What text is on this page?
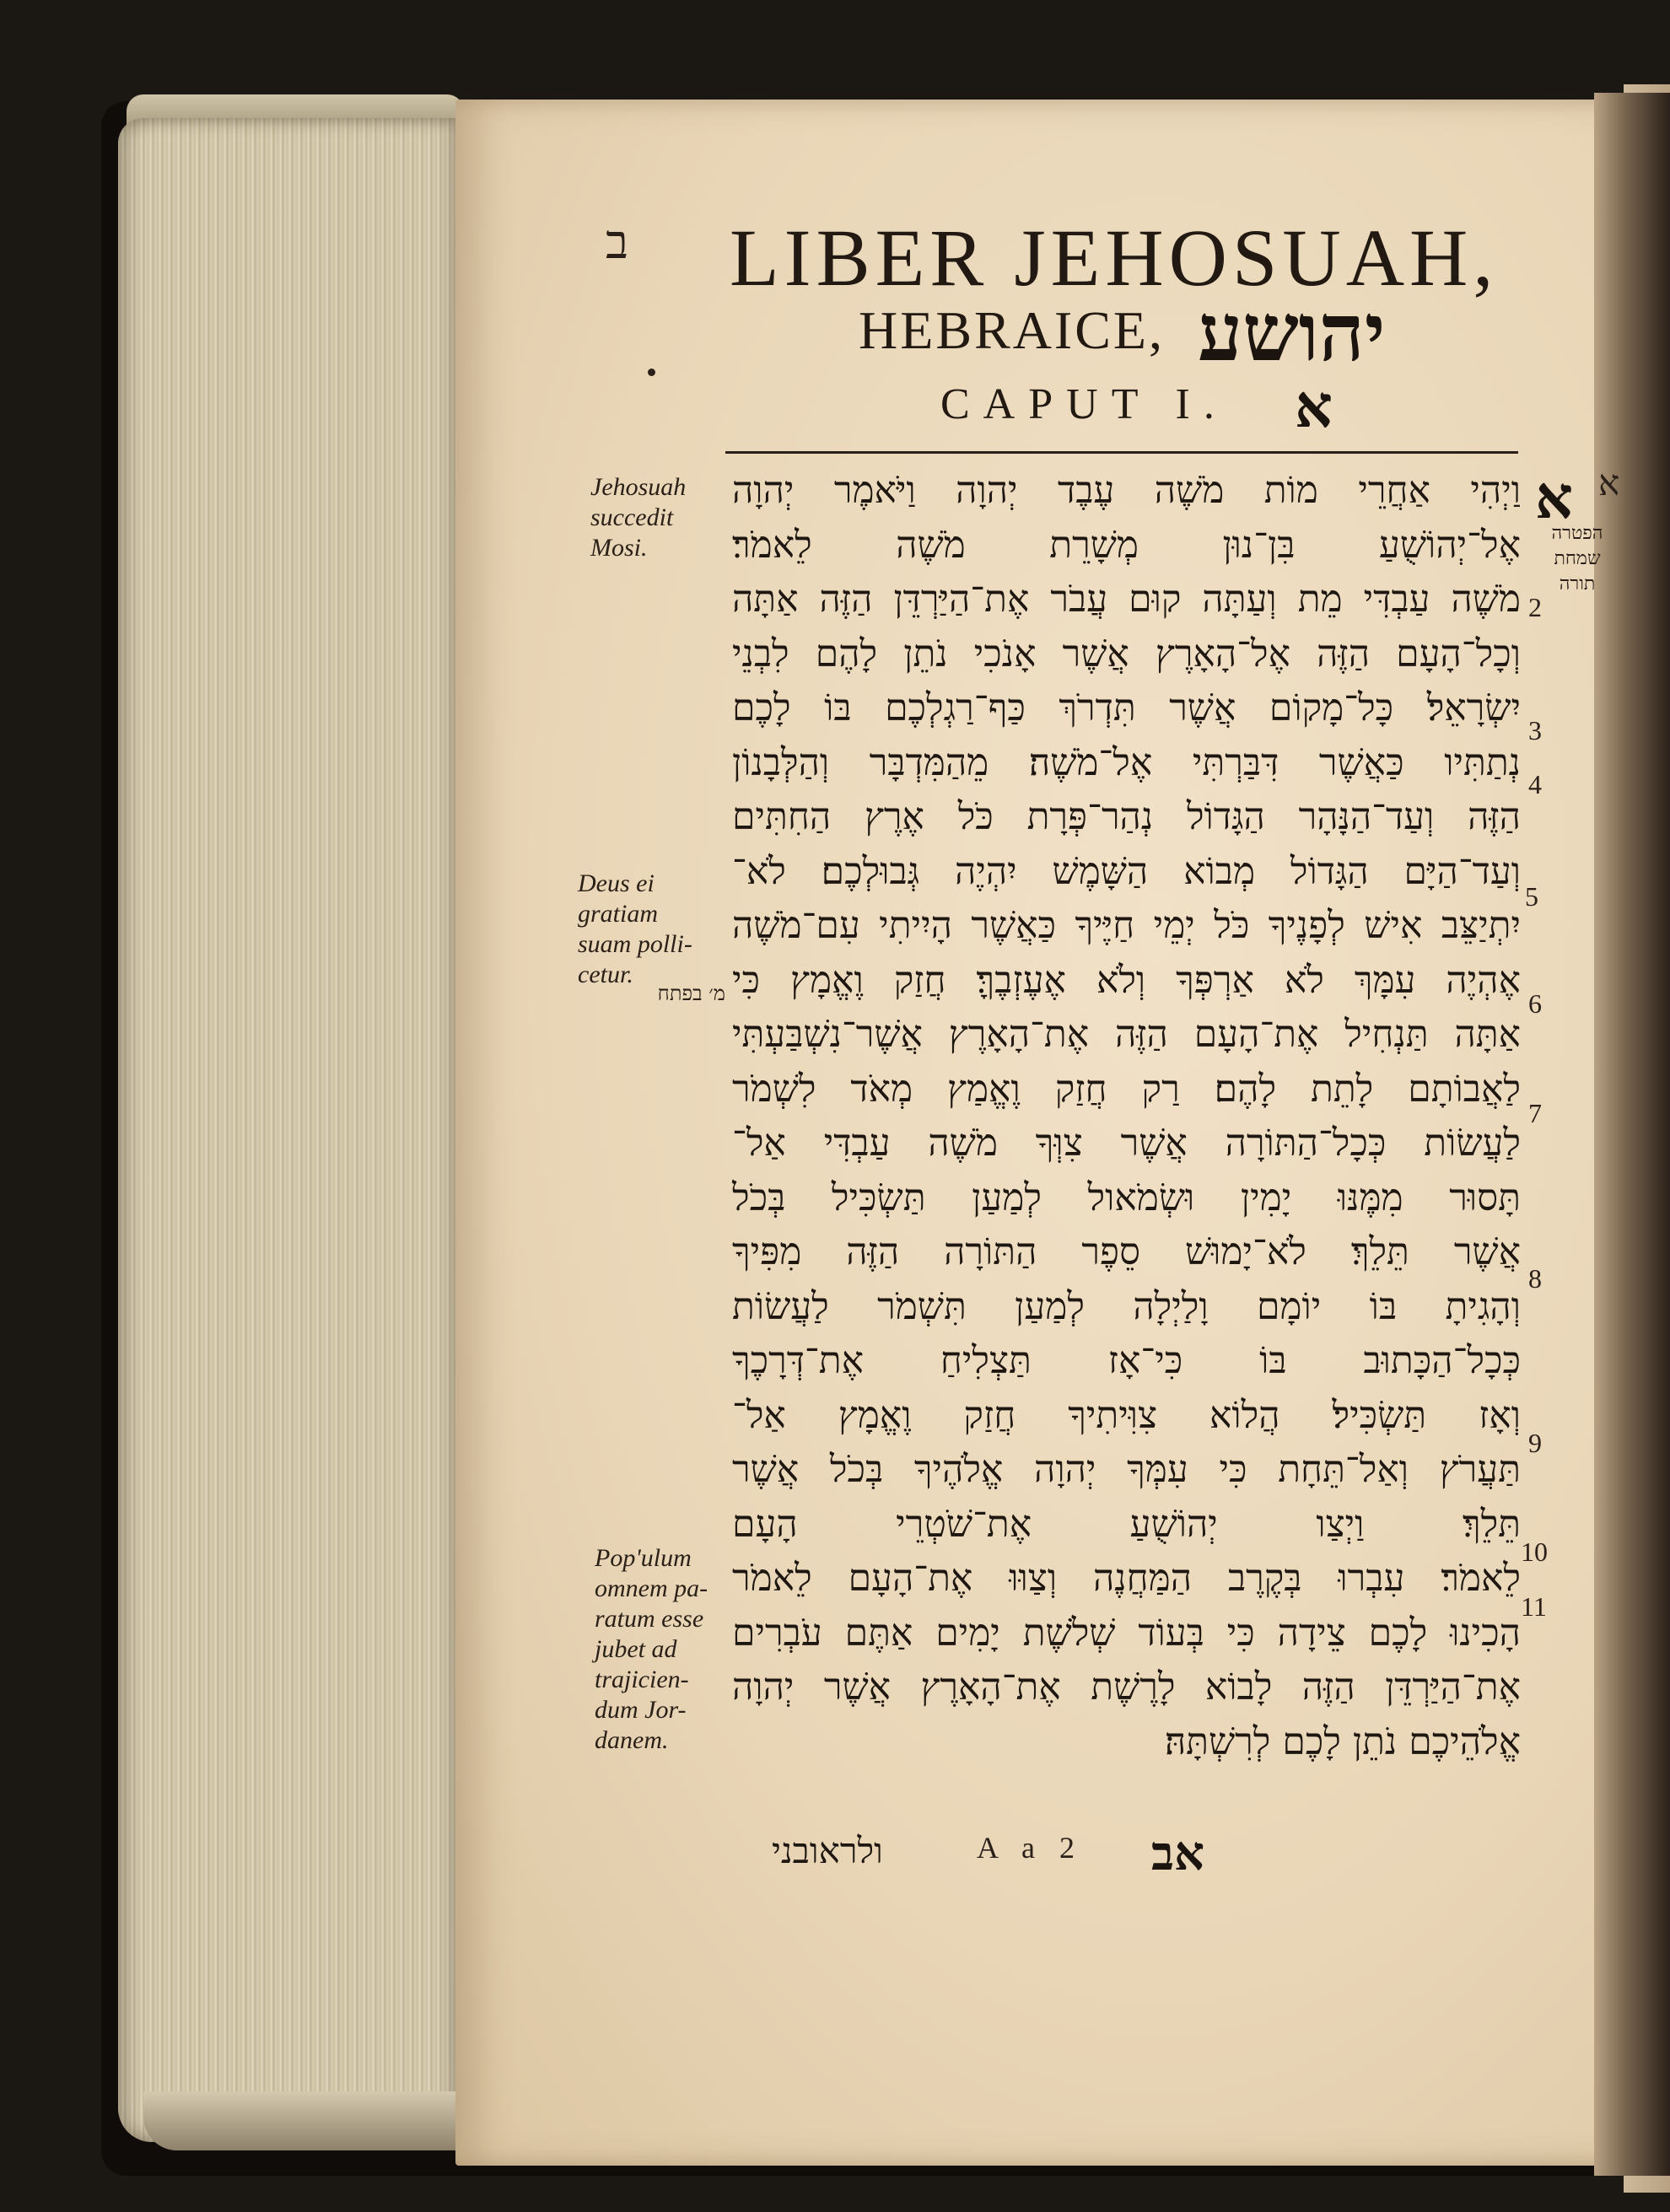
ב LIBER JEHOSUAH,
HEBRAICE, יהושע
CAPUT I. א
Jehosuah
succedit
Mosi.
Deus ei
gratiam
suam polli-
cetur.
מ׳ בפתח
Pop'ulum
omnem pa-
ratum esse
jubet ad
trajicien-
dum Jor-
danem.
א א
הפטרה
שמחת
תורה
וַיְהִי אַחֲרֵי מוֹת מֹשֶׁה עֶבֶד יְהוָה וַיֹּאמֶר יְהוָה
אֶל־יְהוֹשֻׁעַ בִּן־נוּן מְשָׁרֵת מֹשֶׁה לֵאמֹר׃
מֹשֶׁה עַבְדִּי מֵת וְעַתָּה קוּם עֲבֹר אֶת־הַיַּרְדֵּן הַזֶּה אַתָּה
וְכָל־הָעָם הַזֶּה אֶל־הָאָרֶץ אֲשֶׁר אָנֹכִי נֹתֵן לָהֶם לִבְנֵי
יִשְׂרָאֵל׃ כָּל־מָקוֹם אֲשֶׁר תִּדְרֹךְ כַּף־רַגְלְכֶם בּוֹ לָכֶם
נְתַתִּיו כַּאֲשֶׁר דִּבַּרְתִּי אֶל־מֹשֶׁה׃ מֵהַמִּדְבָּר וְהַלְּבָנוֹן
הַזֶּה וְעַד־הַנָּהָר הַגָּדוֹל נְהַר־פְּרָת כֹּל אֶרֶץ הַחִתִּים
וְעַד־הַיָּם הַגָּדוֹל מְבוֹא הַשָּׁמֶשׁ יִהְיֶה גְּבוּלְכֶם׃ לֹא־
יִתְיַצֵּב אִישׁ לְפָנֶיךָ כֹּל יְמֵי חַיֶּיךָ כַּאֲשֶׁר הָיִיתִי עִם־מֹשֶׁה
אֶהְיֶה עִמָּךְ לֹא אַרְפְּךָ וְלֹא אֶעֶזְבֶךָּ׃ חֲזַק וֶאֱמָץ כִּי
אַתָּה תַּנְחִיל אֶת־הָעָם הַזֶּה אֶת־הָאָרֶץ אֲשֶׁר־נִשְׁבַּעְתִּי
לַאֲבוֹתָם לָתֵת לָהֶם׃ רַק חֲזַק וֶאֱמַץ מְאֹד לִשְׁמֹר
לַעֲשׂוֹת כְּכָל־הַתּוֹרָה אֲשֶׁר צִוְּךָ מֹשֶׁה עַבְדִּי אַל־
תָּסוּר מִמֶּנּוּ יָמִין וּשְׂמֹאול לְמַעַן תַּשְׂכִּיל בְּכֹל
אֲשֶׁר תֵּלֵךְ׃ לֹא־יָמוּשׁ סֵפֶר הַתּוֹרָה הַזֶּה מִפִּיךָ
וְהָגִיתָ בּוֹ יוֹמָם וָלַיְלָה לְמַעַן תִּשְׁמֹר לַעֲשׂוֹת
כְּכָל־הַכָּתוּב בּוֹ כִּי־אָז תַּצְלִיחַ אֶת־דְּרָכֶךָ
וְאָז תַּשְׂכִּיל׃ הֲלוֹא צִוִּיתִיךָ חֲזַק וֶאֱמָץ אַל־
תַּעֲרֹץ וְאַל־תֵּחָת כִּי עִמְּךָ יְהוָה אֱלֹהֶיךָ בְּכֹל אֲשֶׁר
תֵּלֵךְ׃ וַיְצַו יְהוֹשֻׁעַ אֶת־שֹׁטְרֵי הָעָם
לֵאמֹר׃ עִבְרוּ בְּקֶרֶב הַמַּחֲנֶה וְצַוּוּ אֶת־הָעָם לֵאמֹר
הָכִינוּ לָכֶם צֵידָה כִּי בְּעוֹד שְׁלֹשֶׁת יָמִים אַתֶּם עֹבְרִים
אֶת־הַיַּרְדֵּן הַזֶּה לָבוֹא לָרֶשֶׁת אֶת־הָאָרֶץ אֲשֶׁר יְהוָה
אֱלֹהֵיכֶם נֹתֵן לָכֶם לְרִשְׁתָּהּ׃
2
3
4
5
6
7
8
9
10
11
ולראובני	A a 2 אב
